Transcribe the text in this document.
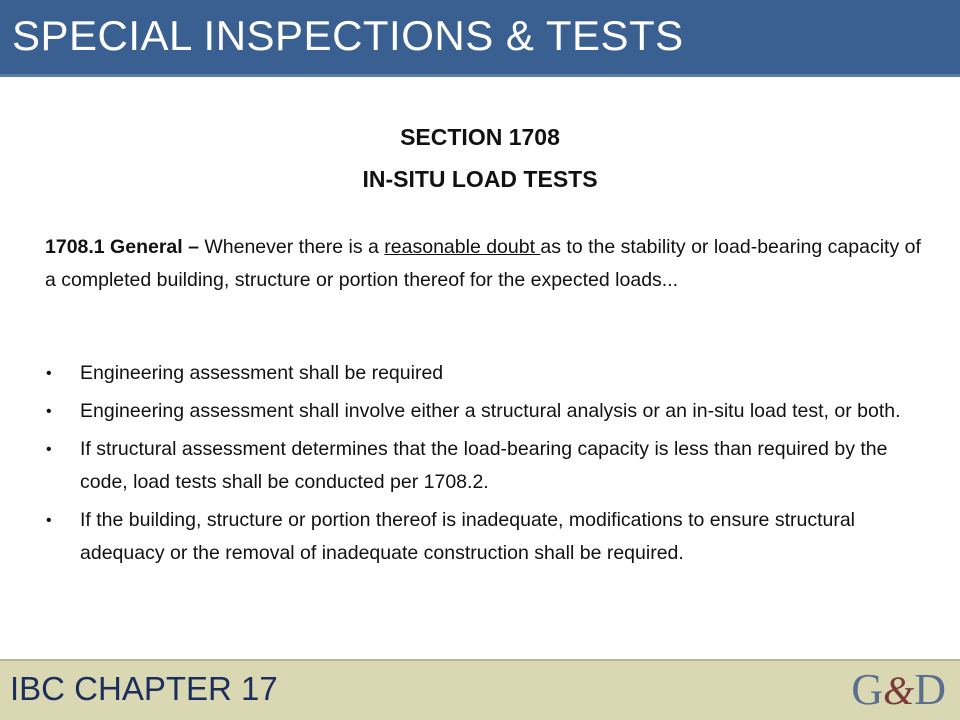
SPECIAL INSPECTIONS & TESTS
SECTION 1708
IN-SITU LOAD TESTS
1708.1 General – Whenever there is a reasonable doubt as to the stability or load-bearing capacity of a completed building, structure or portion thereof for the expected loads...
• Engineering assessment shall be required
• Engineering assessment shall involve either a structural analysis or an in-situ load test, or both.
• If structural assessment determines that the load-bearing capacity is less than required by the code, load tests shall be conducted per 1708.2.
• If the building, structure or portion thereof is inadequate, modifications to ensure structural adequacy or the removal of inadequate construction shall be required.
IBC CHAPTER 17	G&D
